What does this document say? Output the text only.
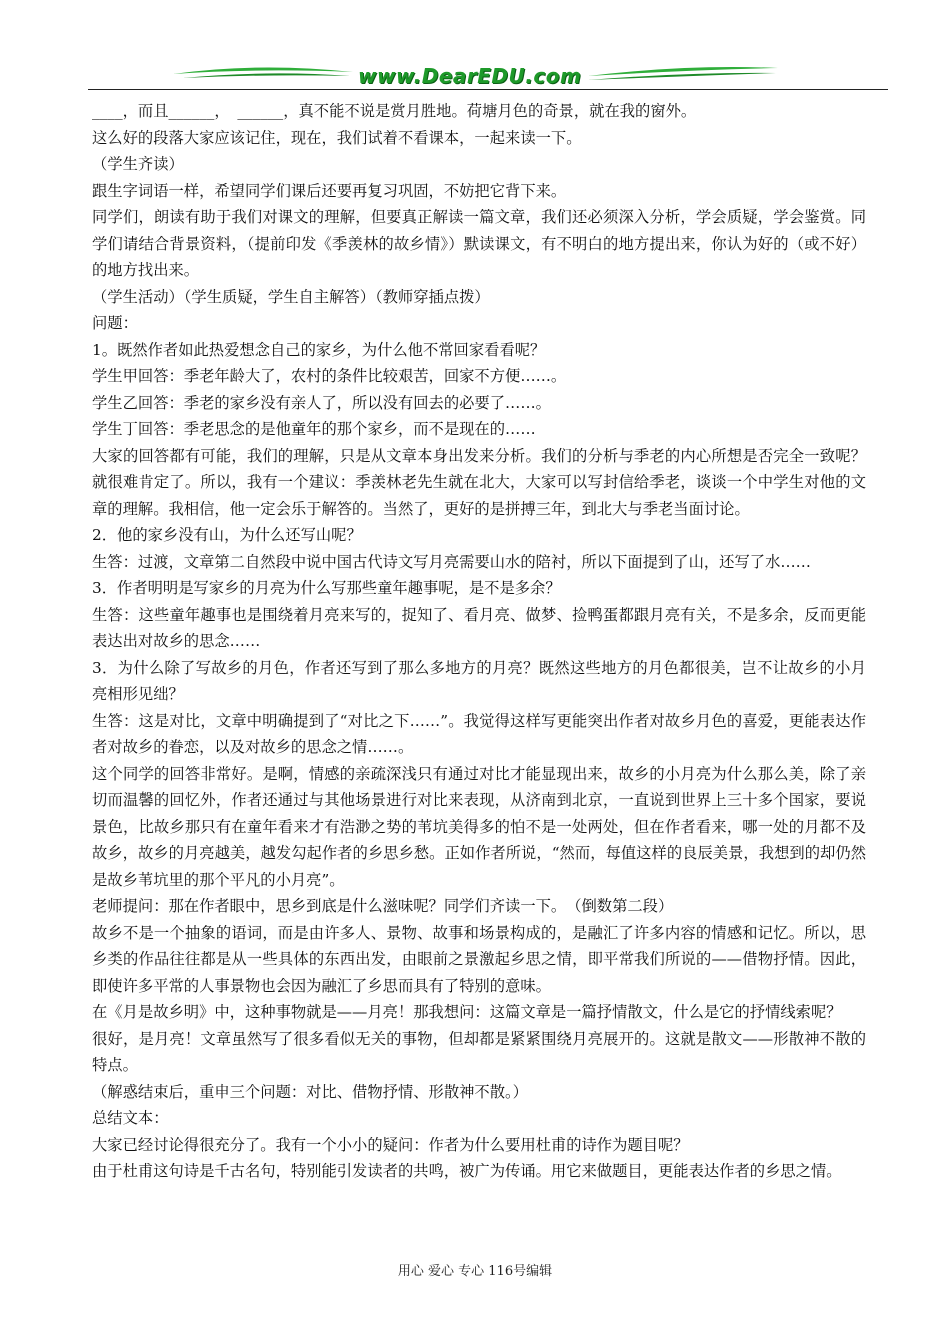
www.DearEDU.com

____，而且______，　______，真不能不说是赏月胜地。荷塘月色的奇景，就在我的窗外。

这么好的段落大家应该记住，现在，我们试着不看课本，一起来读一下。

（学生齐读）

跟生字词语一样，希望同学们课后还要再复习巩固，不妨把它背下来。

同学们，朗读有助于我们对课文的理解，但要真正解读一篇文章，我们还必须深入分析，学会质疑，学会鉴赏。同学们请结合背景资料，（提前印发《季羡林的故乡情》）默读课文，有不明白的地方提出来，你认为好的（或不好）的地方找出来。

（学生活动）（学生质疑，学生自主解答）（教师穿插点拨）

问题：

1。既然作者如此热爱想念自己的家乡，为什么他不常回家看看呢？

学生甲回答：季老年龄大了，农村的条件比较艰苦，回家不方便……。

学生乙回答：季老的家乡没有亲人了，所以没有回去的必要了……。

学生丁回答：季老思念的是他童年的那个家乡，而不是现在的……

大家的回答都有可能，我们的理解，只是从文章本身出发来分析。我们的分析与季老的内心所想是否完全一致呢？就很难肯定了。所以，我有一个建议：季羡林老先生就在北大，大家可以写封信给季老，谈谈一个中学生对他的文章的理解。我相信，他一定会乐于解答的。当然了，更好的是拼搏三年，到北大与季老当面讨论。

2．他的家乡没有山，为什么还写山呢？

生答：过渡，文章第二自然段中说中国古代诗文写月亮需要山水的陪衬，所以下面提到了山，还写了水……

3．作者明明是写家乡的月亮为什么写那些童年趣事呢，是不是多余？

生答：这些童年趣事也是围绕着月亮来写的，捉知了、看月亮、做梦、捡鸭蛋都跟月亮有关，不是多余，反而更能表达出对故乡的思念……

3．为什么除了写故乡的月色，作者还写到了那么多地方的月亮？既然这些地方的月色都很美，岂不让故乡的小月亮相形见绌？

生答：这是对比，文章中明确提到了“对比之下……”。我觉得这样写更能突出作者对故乡月色的喜爱，更能表达作者对故乡的眷恋，以及对故乡的思念之情……。

这个同学的回答非常好。是啊，情感的亲疏深浅只有通过对比才能显现出来，故乡的小月亮为什么那么美，除了亲切而温馨的回忆外，作者还通过与其他场景进行对比来表现，从济南到北京，一直说到世界上三十多个国家，要说景色，比故乡那只有在童年看来才有浩渺之势的苇坑美得多的怕不是一处两处，但在作者看来，哪一处的月都不及故乡，故乡的月亮越美，越发勾起作者的乡思乡愁。正如作者所说，“然而，每值这样的良辰美景，我想到的却仍然是故乡苇坑里的那个平凡的小月亮”。

老师提问：那在作者眼中，思乡到底是什么滋味呢？同学们齐读一下。　（倒数第二段）

故乡不是一个抽象的语词，而是由许多人、景物、故事和场景构成的，是融汇了许多内容的情感和记忆。所以，思乡类的作品往往都是从一些具体的东西出发，由眼前之景激起乡思之情，即平常我们所说的——借物抒情。因此，即使许多平常的人事景物也会因为融汇了乡思而具有了特别的意味。

在《月是故乡明》中，这种事物就是——月亮！那我想问：这篇文章是一篇抒情散文，什么是它的抒情线索呢？

很好，是月亮！文章虽然写了很多看似无关的事物，但却都是紧紧围绕月亮展开的。这就是散文——形散神不散的特点。

（解惑结束后，重申三个问题：对比、借物抒情、形散神不散。）

总结文本：

大家已经讨论得很充分了。我有一个小小的疑问：作者为什么要用杜甫的诗作为题目呢？

由于杜甫这句诗是千古名句，特别能引发读者的共鸣，被广为传诵。用它来做题目，更能表达作者的乡思之情。

用心 爱心 专心 116号编辑
